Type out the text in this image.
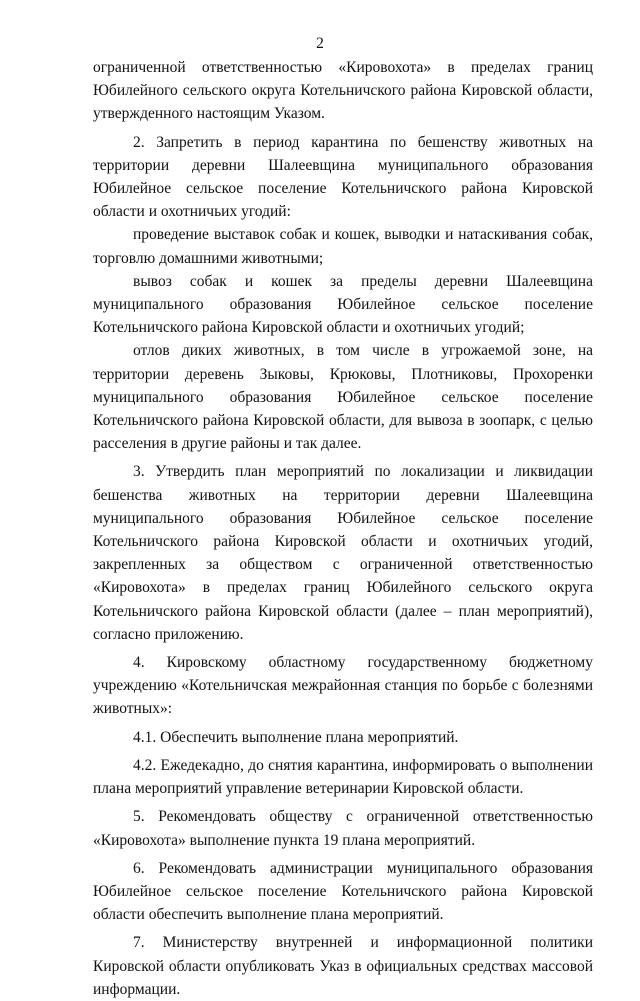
2

ограниченной ответственностью «Кировохота» в пределах границ Юбилейного сельского округа Котельничского района Кировской области, утвержденного настоящим Указом.

2. Запретить в период карантина по бешенству животных на территории деревни Шалеевщина муниципального образования Юбилейное сельское поселение Котельничского района Кировской области и охотничьих угодий:

проведение выставок собак и кошек, выводки и натаскивания собак, торговлю домашними животными;

вывоз собак и кошек за пределы деревни Шалеевщина муниципального образования Юбилейное сельское поселение Котельничского района Кировской области и охотничьих угодий;

отлов диких животных, в том числе в угрожаемой зоне, на территории деревень Зыковы, Крюковы, Плотниковы, Прохоренки муниципального образования Юбилейное сельское поселение Котельничского района Кировской области, для вывоза в зоопарк, с целью расселения в другие районы и так далее.

3. Утвердить план мероприятий по локализации и ликвидации бешенства животных на территории деревни Шалеевщина муниципального образования Юбилейное сельское поселение Котельничского района Кировской области и охотничьих угодий, закрепленных за обществом с ограниченной ответственностью «Кировохота» в пределах границ Юбилейного сельского округа Котельничского района Кировской области (далее – план мероприятий), согласно приложению.

4. Кировскому областному государственному бюджетному учреждению «Котельничская межрайонная станция по борьбе с болезнями животных»:

4.1. Обеспечить выполнение плана мероприятий.

4.2. Ежедекадно, до снятия карантина, информировать о выполнении плана мероприятий управление ветеринарии Кировской области.

5. Рекомендовать обществу с ограниченной ответственностью «Кировохота» выполнение пункта 19 плана мероприятий.

6. Рекомендовать администрации муниципального образования Юбилейное сельское поселение Котельничского района Кировской области обеспечить выполнение плана мероприятий.

7. Министерству внутренней и информационной политики Кировской области опубликовать Указ в официальных средствах массовой информации.
